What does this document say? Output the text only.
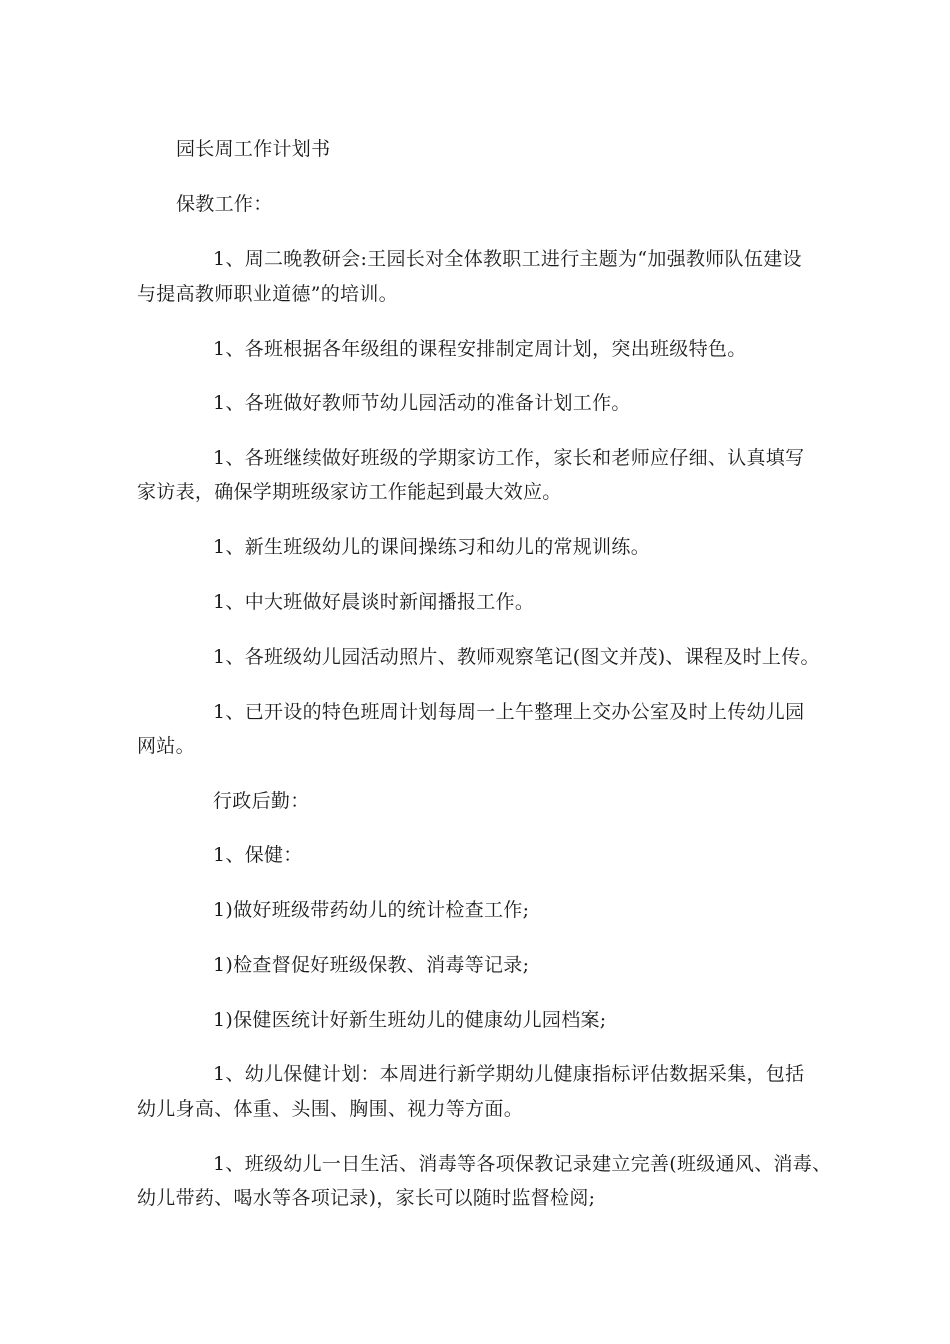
园长周工作计划书
保教工作：
1、周二晚教研会:王园长对全体教职工进行主题为“加强教师队伍建设
与提高教师职业道德”的培训。
1、各班根据各年级组的课程安排制定周计划，突出班级特色。
1、各班做好教师节幼儿园活动的准备计划工作。
1、各班继续做好班级的学期家访工作，家长和老师应仔细、认真填写
家访表，确保学期班级家访工作能起到最大效应。
1、新生班级幼儿的课间操练习和幼儿的常规训练。
1、中大班做好晨谈时新闻播报工作。
1、各班级幼儿园活动照片、教师观察笔记(图文并茂)、课程及时上传。
1、已开设的特色班周计划每周一上午整理上交办公室及时上传幼儿园
网站。
行政后勤：
1、保健：
1)做好班级带药幼儿的统计检查工作;
1)检查督促好班级保教、消毒等记录;
1)保健医统计好新生班幼儿的健康幼儿园档案;
1、幼儿保健计划：本周进行新学期幼儿健康指标评估数据采集，包括
幼儿身高、体重、头围、胸围、视力等方面。
1、班级幼儿一日生活、消毒等各项保教记录建立完善(班级通风、消毒、
幼儿带药、喝水等各项记录)，家长可以随时监督检阅;
